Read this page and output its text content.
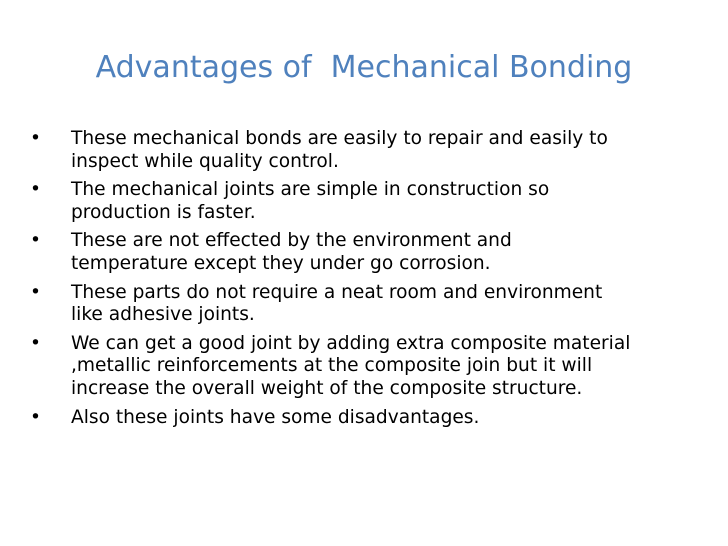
Advantages of  Mechanical Bonding
•	These mechanical bonds are easily to repair and easily to
inspect while quality control.
•	The mechanical joints are simple in construction so
production is faster.
•	These are not effected by the environment and
temperature except they under go corrosion.
•	These parts do not require a neat room and environment
like adhesive joints.
•	We can get a good joint by adding extra composite material
,metallic reinforcements at the composite join but it will
increase the overall weight of the composite structure.
•	Also these joints have some disadvantages.
